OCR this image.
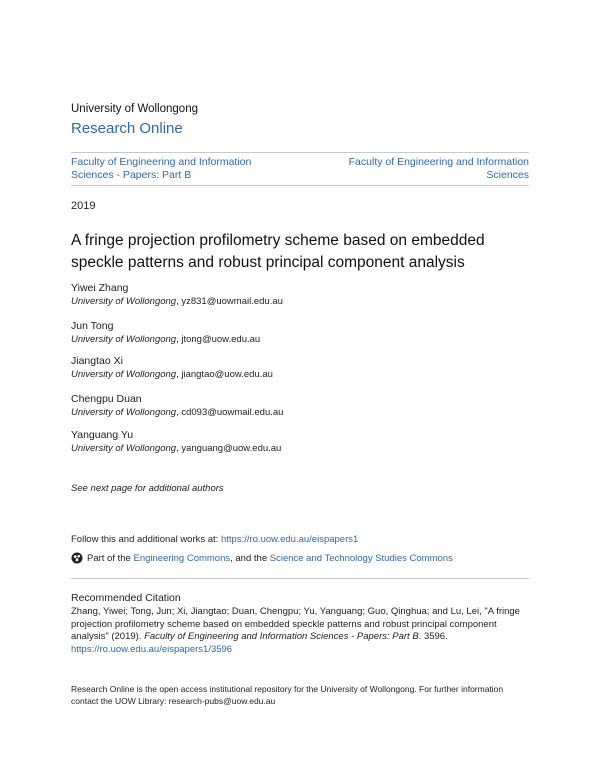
University of Wollongong
Research Online
Faculty of Engineering and Information
Sciences - Papers: Part B
Faculty of Engineering and Information
Sciences
2019
A fringe projection profilometry scheme based on embedded
speckle patterns and robust principal component analysis
Yiwei Zhang
University of Wollongong, yz831@uowmail.edu.au
Jun Tong
University of Wollongong, jtong@uow.edu.au
Jiangtao Xi
University of Wollongong, jiangtao@uow.edu.au
Chengpu Duan
University of Wollongong, cd093@uowmail.edu.au
Yanguang Yu
University of Wollongong, yanguang@uow.edu.au
See next page for additional authors
Follow this and additional works at: https://ro.uow.edu.au/eispapers1
Part of the
Engineering Commons , and the
Science and Technology Studies Commons
Recommended Citation
Zhang, Yiwei; Tong, Jun; Xi, Jiangtao; Duan, Chengpu; Yu, Yanguang; Guo, Qinghua; and Lu, Lei, "A fringe
projection profilometry scheme based on embedded speckle patterns and robust principal component
analysis" (2019). Faculty of Engineering and Information Sciences - Papers: Part B. 3596.
https://ro.uow.edu.au/eispapers1/3596
Research Online is the open access institutional repository for the University of Wollongong. For further information
contact the UOW Library: research-pubs@uow.edu.au
